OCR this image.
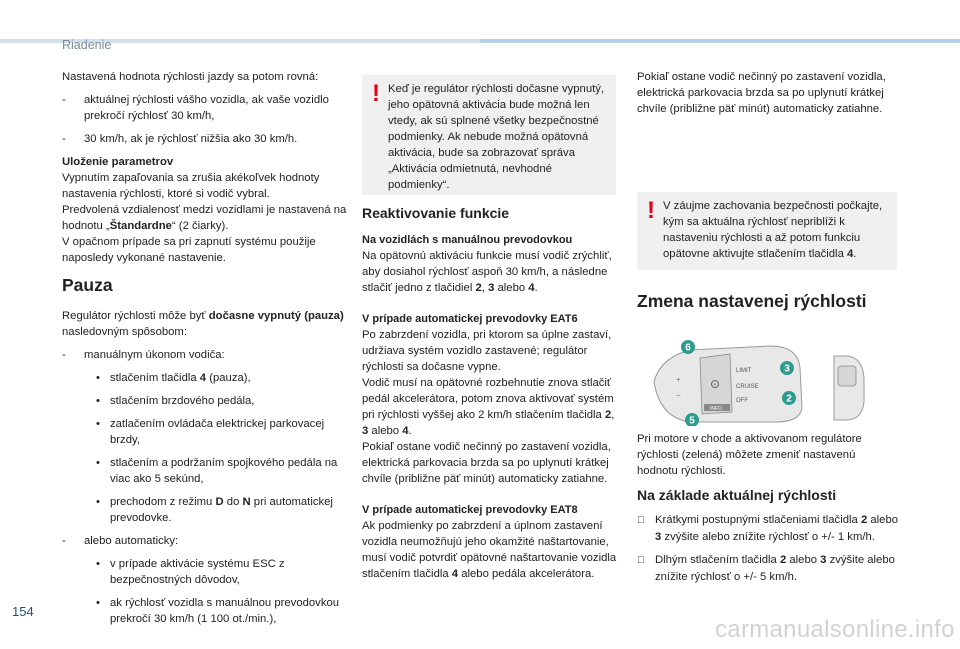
Riadenie

Nastavená hodnota rýchlosti jazdy sa potom rovná:

- aktuálnej rýchlosti vášho vozidla, ak vaše vozidlo prekročí rýchlosť 30 km/h,

- 30 km/h, ak je rýchlosť nižšia ako 30 km/h.

Uloženie parametrov
Vypnutím zapaľovania sa zrušia akékoľvek hodnoty nastavenia rýchlosti, ktoré si vodič vybral.
Predvolená vzdialenosť medzi vozidlami je nastavená na hodnotu „Štandardne“ (2 čiarky).

V opačnom prípade sa pri zapnutí systému použije naposledy vykonané nastavenie.

Pauza

Regulátor rýchlosti môže byť dočasne vypnutý (pauza) nasledovným spôsobom:

- manuálnym úkonom vodiča:

• stlačením tlačidla 4 (pauza),

• stlačením brzdového pedála,

• zatlačením ovládača elektrickej parkovacej brzdy,

• stlačením a podržaním spojkového pedála na viac ako 5 sekúnd,

• prechodom z režimu D do N pri automatickej prevodovke.

- alebo automaticky:

• v prípade aktivácie systému ESC z bezpečnostných dôvodov,

• ak rýchlosť vozidla s manuálnou prevodovkou prekročí 30 km/h (1 100 ot./min.),

! Keď je regulátor rýchlosti dočasne vypnutý, jeho opätovná aktivácia bude možná len vtedy, ak sú splnené všetky bezpečnostné podmienky. Ak nebude možná opätovná aktivácia, bude sa zobrazovať správa „Aktivácia odmietnutá, nevhodné podmienky“.
Reaktivovanie funkcie
Na vozidlách s manuálnou prevodovkou

Na opätovnú aktiváciu funkcie musí vodič zrýchliť, aby dosiahol rýchlosť aspoň 30 km/h, a následne stlačiť jedno z tlačidiel 2, 3 alebo 4.

V prípade automatickej prevodovky EAT6
Po zabrzdení vozidla, pri ktorom sa úplne zastaví, udržiava systém vozidlo zastavené; regulátor rýchlosti sa dočasne vypne.
Vodič musí na opätovné rozbehnutie znova stlačiť pedál akcelerátora, potom znova aktivovať systém pri rýchlosti vyššej ako 2 km/h stlačením tlačidla 2, 3 alebo 4.

Pokiaľ ostane vodič nečinný po zastavení vozidla, elektrická parkovacia brzda sa po uplynutí krátkej chvíle (približne päť minút) automaticky zatiahne.

V prípade automatickej prevodovky EAT8
Ak podmienky po zabrzdení a úplnom zastavení vozidla neumožňujú jeho okamžité naštartovanie, musí vodič potvrdiť opätovné naštartovanie vozidla stlačením tlačidla 4 alebo pedála akcelerátora.

Pokiaľ ostane vodič nečinný po zastavení vozidla, elektrická parkovacia brzda sa po uplynutí krátkej chvíle (približne päť minút) automaticky zatiahne.

! V záujme zachovania bezpečnosti počkajte, kým sa aktuálna rýchlosť nepriblíži k nastaveniu rýchlosti a až potom funkciu opätovne aktivujte stlačením tlačidla 4.
Zmena nastavenej rýchlosti
⊙
LIMIT
CRUISE
OFF
INFO
+
−
6
3
2
5

Pri motore v chode a aktivovanom regulátore rýchlosti (zelená) môžete zmeniť nastavenú hodnotu rýchlosti.

Na základe aktuálnej rýchlosti

Krátkymi postupnými stlačeniami tlačidla 2 alebo 3 zvýšite alebo znížite rýchlosť o +/- 1 km/h.

Dlhým stlačením tlačidla 2 alebo 3 zvýšite alebo znížite rýchlosť o +/- 5 km/h.

154
carmanualsonline.info
